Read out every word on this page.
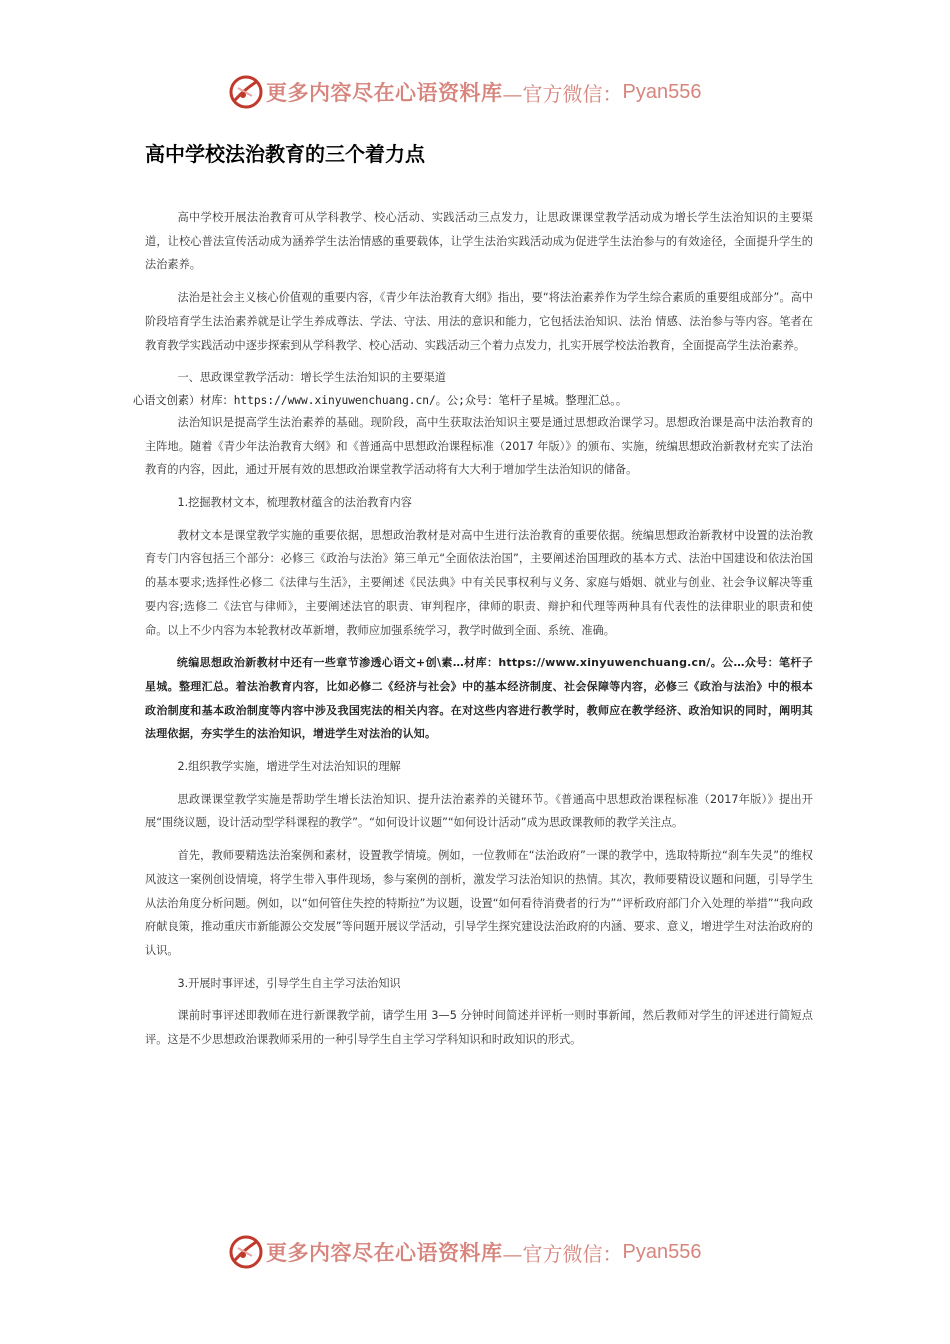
更多内容尽在心语资料库 —官方微信： Pyan556
高中学校法治教育的三个着力点

高中学校开展法治教育可从学科教学、校心活动、实践活动三点发力，让思政课课堂教学活动成为增长学生法治知识的主要渠道，让校心普法宣传活动成为涵养学生法治情感的重要载体，让学生法治实践活动成为促进学生法治参与的有效途径，全面提升学生的法治素养。

法治是社会主义核心价值观的重要内容，《青少年法治教育大纲》指出，要“将法治素养作为学生综合素质的重要组成部分”。高中阶段培育学生法治素养就是让学生养成尊法、学法、守法、用法的意识和能力，它包括法治知识、法治 情感、法治参与等内容。笔者在教育教学实践活动中逐步探索到从学科教学、校心活动、实践活动三个着力点发力，扎实开展学校法治教育，全面提高学生法治素养。

一、思政课堂教学活动：增长学生法治知识的主要渠道

心语文创素）材库：https://www.xinyuwenchuang.cn/。公;众号：笔杆子星城。整理汇总。。

法治知识是提高学生法治素养的基础。现阶段，高中生获取法治知识主要是通过思想政治课学习。思想政治课是高中法治教育的主阵地。随着《青少年法治教育大纲》和《普通高中思想政治课程标准（2017 年版）》的颁布、实施，统编思想政治新教材充实了法治教育的内容，因此，通过开展有效的思想政治课堂教学活动将有大大利于增加学生法治知识的储备。

1.挖掘教材文本，梳理教材蕴含的法治教育内容

教材文本是课堂教学实施的重要依据，思想政治教材是对高中生进行法治教育的重要依据。统编思想政治新教材中设置的法治教育专门内容包括三个部分：必修三《政治与法治》第三单元“全面依法治国”，主要阐述治国理政的基本方式、法治中国建设和依法治国的基本要求;选择性必修二《法律与生活》，主要阐述《民法典》中有关民事权利与义务、家庭与婚姻、就业与创业、社会争议解决等重要内容;选修二《法官与律师》，主要阐述法官的职责、审判程序，律师的职责、辩护和代理等两种具有代表性的法律职业的职责和使命。以上不少内容为本轮教材改革新增，教师应加强系统学习，教学时做到全面、系统、准确。

统编思想政治新教材中还有一些章节渗透心语文+创\素…材库：https://www.xinyuwenchuang.cn/。公…众号：笔杆子星城。整理汇总。着法治教育内容，比如必修二《经济与社会》中的基本经济制度、社会保障等内容，必修三《政治与法治》中的根本政治制度和基本政治制度等内容中涉及我国宪法的相关内容。在对这些内容进行教学时，教师应在教学经济、政治知识的同时，阐明其法理依据，夯实学生的法治知识，增进学生对法治的认知。

2.组织教学实施，增进学生对法治知识的理解

思政课课堂教学实施是帮助学生增长法治知识、提升法治素养的关键环节。《普通高中思想政治课程标准（2017年版）》提出开展“围绕议题，设计活动型学科课程的教学”。“如何设计议题”“如何设计活动”成为思政课教师的教学关注点。

首先，教师要精选法治案例和素材，设置教学情境。例如，一位教师在“法治政府”一课的教学中，选取特斯拉“刹车失灵”的维权风波这一案例创设情境，将学生带入事件现场，参与案例的剖析，激发学习法治知识的热情。其次，教师要精设议题和问题，引导学生从法治角度分析问题。例如，以“如何管住失控的特斯拉”为议题，设置“如何看待消费者的行为”“评析政府部门介入处理的举措”“我向政府献良策，推动重庆市新能源公交发展”等问题开展议学活动，引导学生探究建设法治政府的内涵、要求、意义，增进学生对法治政府的认识。

3.开展时事评述，引导学生自主学习法治知识

课前时事评述即教师在进行新课教学前，请学生用 3—5 分钟时间简述并评析一则时事新闻，然后教师对学生的评述进行简短点评。这是不少思想政治课教师采用的一种引导学生自主学习学科知识和时政知识的形式。

更多内容尽在心语资料库 —官方微信： Pyan556
